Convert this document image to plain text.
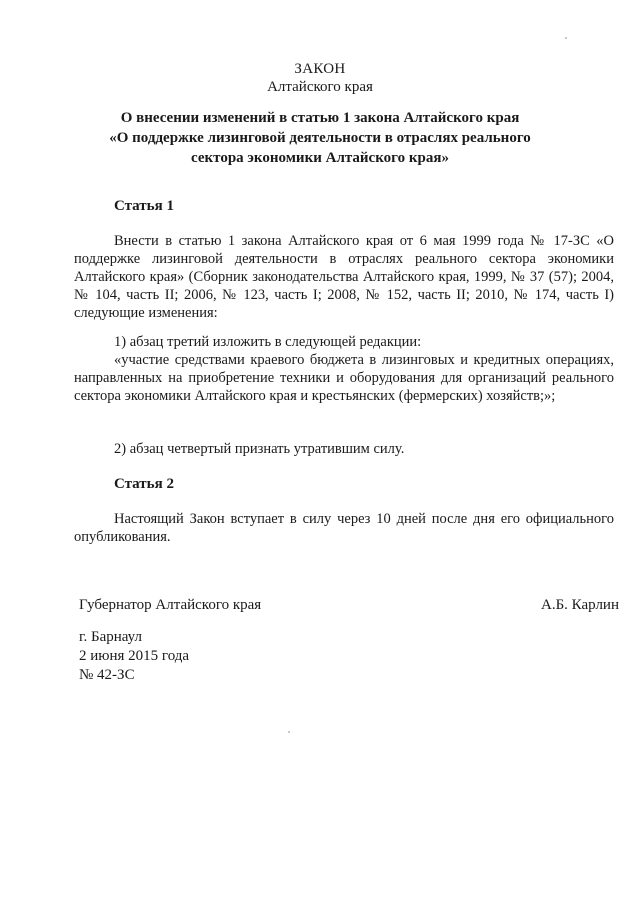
ЗАКОН
Алтайского края
О внесении изменений в статью 1 закона Алтайского края
«О поддержке лизинговой деятельности в отраслях реального
сектора экономики Алтайского края»
Статья 1

Внести в статью 1 закона Алтайского края от 6 мая 1999 года № 17-ЗС «О поддержке лизинговой деятельности в отраслях реального сектора экономики Алтайского края» (Сборник законодательства Алтайского края, 1999, № 37 (57); 2004, № 104, часть II; 2006, № 123, часть I; 2008, № 152, часть II; 2010, № 174, часть I) следующие изменения:

1) абзац третий изложить в следующей редакции:

«участие средствами краевого бюджета в лизинговых и кредитных операциях, направленных на приобретение техники и оборудования для организаций реального сектора экономики Алтайского края и крестьянских (фермерских) хозяйств;»;

2) абзац четвертый признать утратившим силу.

Статья 2

Настоящий Закон вступает в силу через 10 дней после дня его официального опубликования.

Губернатор Алтайского края	А.Б. Карлин
г. Барнаул
2 июня 2015 года
№ 42-ЗС
